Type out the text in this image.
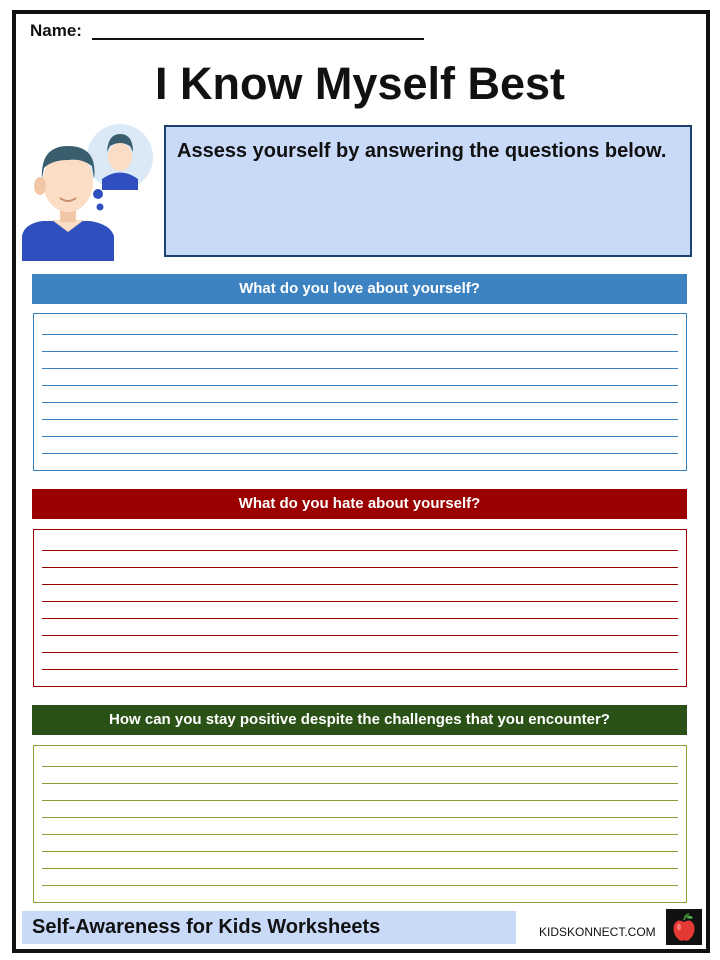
Name:
I Know Myself Best
Assess yourself by answering the questions below.
What do you love about yourself?
What do you hate about yourself?
How can you stay positive despite the challenges that you encounter?
Self-Awareness for Kids Worksheets	KIDSKONNECT.COM
